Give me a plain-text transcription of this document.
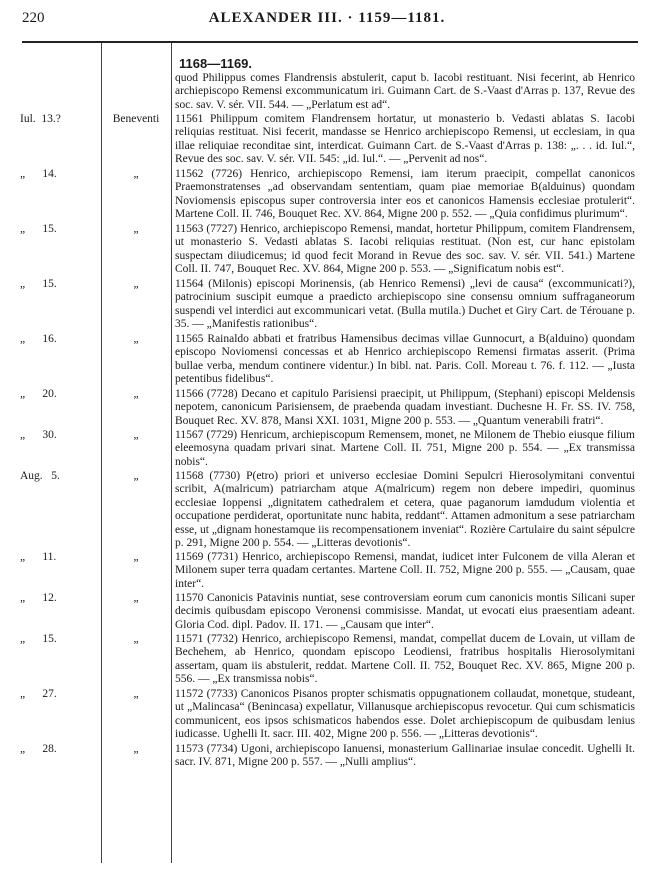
220	ALEXANDER III. · 1159—1181.
1168—1169.
quod Philippus comes Flandrensis abstulerit, caput b. Iacobi restituant. Nisi fecerint, ab Henrico archiepiscopo Remensi excommunicatum iri. Guimann Cart. de S.-Vaast d'Arras p. 137, Revue des soc. sav. V. sér. VII. 544. — „Perlatum est ad“.
Iul.  13.?	Beneventi	11561 Philippum comitem Flandrensem hortatur, ut monasterio b. Vedasti ablatas S. Iacobi reliquias restituat. Nisi fecerit, mandasse se Henrico archiepiscopo Remensi, ut ecclesiam, in qua illae reliquiae reconditae sint, interdicat. Guimann Cart. de S.-Vaast d'Arras p. 138: „. . . id. Iul.“, Revue des soc. sav. V. sér. VII. 545: „id. Iul.“. — „Pervenit ad nos“.
„      14.	„	11562 (7726) Henrico, archiepiscopo Remensi, iam iterum praecipit, compellat canonicos Praemonstratenses „ad observandam sententiam, quam piae memoriae B(alduinus) quondam Noviomensis episcopus super controversia inter eos et canonicos Hamensis ecclesiae protulerit“. Martene Coll. II. 746, Bouquet Rec. XV. 864, Migne 200 p. 552. — „Quia confidimus plurimum“.
„      15.	„	11563 (7727) Henrico, archiepiscopo Remensi, mandat, hortetur Philippum, comitem Flandrensem, ut monasterio S. Vedasti ablatas S. Iacobi reliquias restituat. (Non est, cur hanc epistolam suspectam diiudicemus; id quod fecit Morand in Revue des soc. sav. V. sér. VII. 541.) Martene Coll. II. 747, Bouquet Rec. XV. 864, Migne 200 p. 553. — „Significatum nobis est“.
„      15.	„	11564 (Milonis) episcopi Morinensis, (ab Henrico Remensi) „levi de causa“ (excommunicati?), patrocinium suscipit eumque a praedicto archiepiscopo sine consensu omnium suffraganeorum suspendi vel interdici aut excommunicari vetat. (Bulla mutila.) Duchet et Giry Cart. de Térouane p. 35. — „Manifestis rationibus“.
„      16.	„	11565 Rainaldo abbati et fratribus Hamensibus decimas villae Gunnocurt, a B(alduino) quondam episcopo Noviomensi concessas et ab Henrico archiepiscopo Remensi firmatas asserit. (Prima bullae verba, mendum continere videntur.) In bibl. nat. Paris. Coll. Moreau t. 76. f. 112. — „Iusta petentibus fidelibus“.
„      20.	„	11566 (7728) Decano et capitulo Parisiensi praecipit, ut Philippum, (Stephani) episcopi Meldensis nepotem, canonicum Parisiensem, de praebenda quadam investiant. Duchesne H. Fr. SS. IV. 758, Bouquet Rec. XV. 878, Mansi XXI. 1031, Migne 200 p. 553. — „Quantum venerabili fratri“.
„      30.	„	11567 (7729) Henricum, archiepiscopum Remensem, monet, ne Milonem de Thebio eiusque filium eleemosyna quadam privari sinat. Martene Coll. II. 751, Migne 200 p. 554. — „Ex transmissa nobis“.
Aug.   5.	„	11568 (7730) P(etro) priori et universo ecclesiae Domini Sepulcri Hierosolymitani conventui scribit, A(malricum) patriarcham atque A(malricum) regem non debere impediri, quominus ecclesiae Ioppensi „dignitatem cathedralem et cetera, quae paganorum iamdudum violentia et occupatione perdiderat, oportunitate nunc habita, reddant“. Attamen admonitum a sese patriarcham esse, ut „dignam honestamque iis recompensationem inveniat“. Rozière Cartulaire du saint sépulcre p. 291, Migne 200 p. 554. — „Litteras devotionis“.
„      11.	„	11569 (7731) Henrico, archiepiscopo Remensi, mandat, iudicet inter Fulconem de villa Aleran et Milonem super terra quadam certantes. Martene Coll. II. 752, Migne 200 p. 555. — „Causam, quae inter“.
„      12.	„	11570 Canonicis Patavinis nuntiat, sese controversiam eorum cum canonicis montis Silicani super decimis quibusdam episcopo Veronensi commisisse. Mandat, ut evocati eius praesentiam adeant. Gloria Cod. dipl. Padov. II. 171. — „Causam que inter“.
„      15.	„	11571 (7732) Henrico, archiepiscopo Remensi, mandat, compellat ducem de Lovain, ut villam de Bechehem, ab Henrico, quondam episcopo Leodiensi, fratribus hospitalis Hierosolymitani assertam, quam iis abstulerit, reddat. Martene Coll. II. 752, Bouquet Rec. XV. 865, Migne 200 p. 556. — „Ex transmissa nobis“.
„      27.	„	11572 (7733) Canonicos Pisanos propter schismatis oppugnationem collaudat, monetque, studeant, ut „Malincasa“ (Benincasa) expellatur, Villanusque archiepiscopus revocetur. Qui cum schismaticis communicent, eos ipsos schismaticos habendos esse. Dolet archiepiscopum de quibusdam lenius iudicasse. Ughelli It. sacr. III. 402, Migne 200 p. 556. — „Litteras devotionis“.
„      28.	„	11573 (7734) Ugoni, archiepiscopo Ianuensi, monasterium Gallinariae insulae concedit. Ughelli It. sacr. IV. 871, Migne 200 p. 557. — „Nulli amplius“.
